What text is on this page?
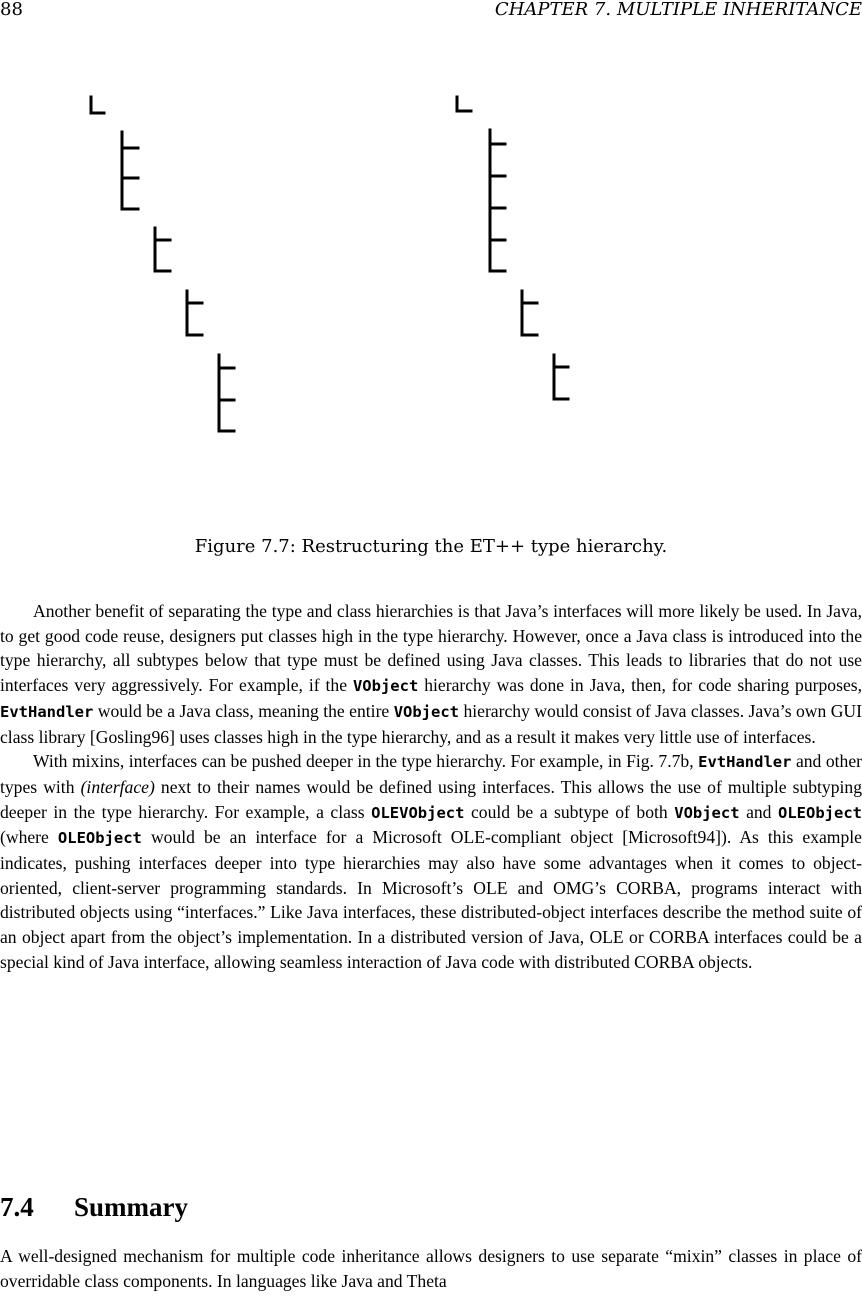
88	CHAPTER 7. MULTIPLE INHERITANCE
Figure 7.7: Restructuring the ET++ type hierarchy.

Another benefit of separating the type and class hierarchies is that Java’s interfaces will more likely be used. In Java, to get good code reuse, designers put classes high in the type hierarchy. However, once a Java class is introduced into the type hierarchy, all subtypes below that type must be defined using Java classes. This leads to libraries that do not use interfaces very aggressively. For example, if the VObject hierarchy was done in Java, then, for code sharing purposes, EvtHandler would be a Java class, meaning the entire VObject hierarchy would consist of Java classes. Java’s own GUI class library [Gosling96] uses classes high in the type hierarchy, and as a result it makes very little use of interfaces.

With mixins, interfaces can be pushed deeper in the type hierarchy. For example, in Fig. 7.7b, EvtHandler and other types with (interface) next to their names would be defined using interfaces. This allows the use of multiple subtyping deeper in the type hierarchy. For example, a class OLEVObject could be a subtype of both VObject and OLEObject (where OLEObject would be an interface for a Microsoft OLE-compliant object [Microsoft94]). As this example indicates, pushing interfaces deeper into type hierarchies may also have some advantages when it comes to object-oriented, client-server programming standards. In Microsoft’s OLE and OMG’s CORBA, programs interact with distributed objects using “interfaces.” Like Java interfaces, these distributed-object interfaces describe the method suite of an object apart from the object’s implementation. In a distributed version of Java, OLE or CORBA interfaces could be a special kind of Java interface, allowing seamless interaction of Java code with distributed CORBA objects.

7.4 Summary

A well-designed mechanism for multiple code inheritance allows designers to use separate “mixin” classes in place of overridable class components. In languages like Java and Theta
